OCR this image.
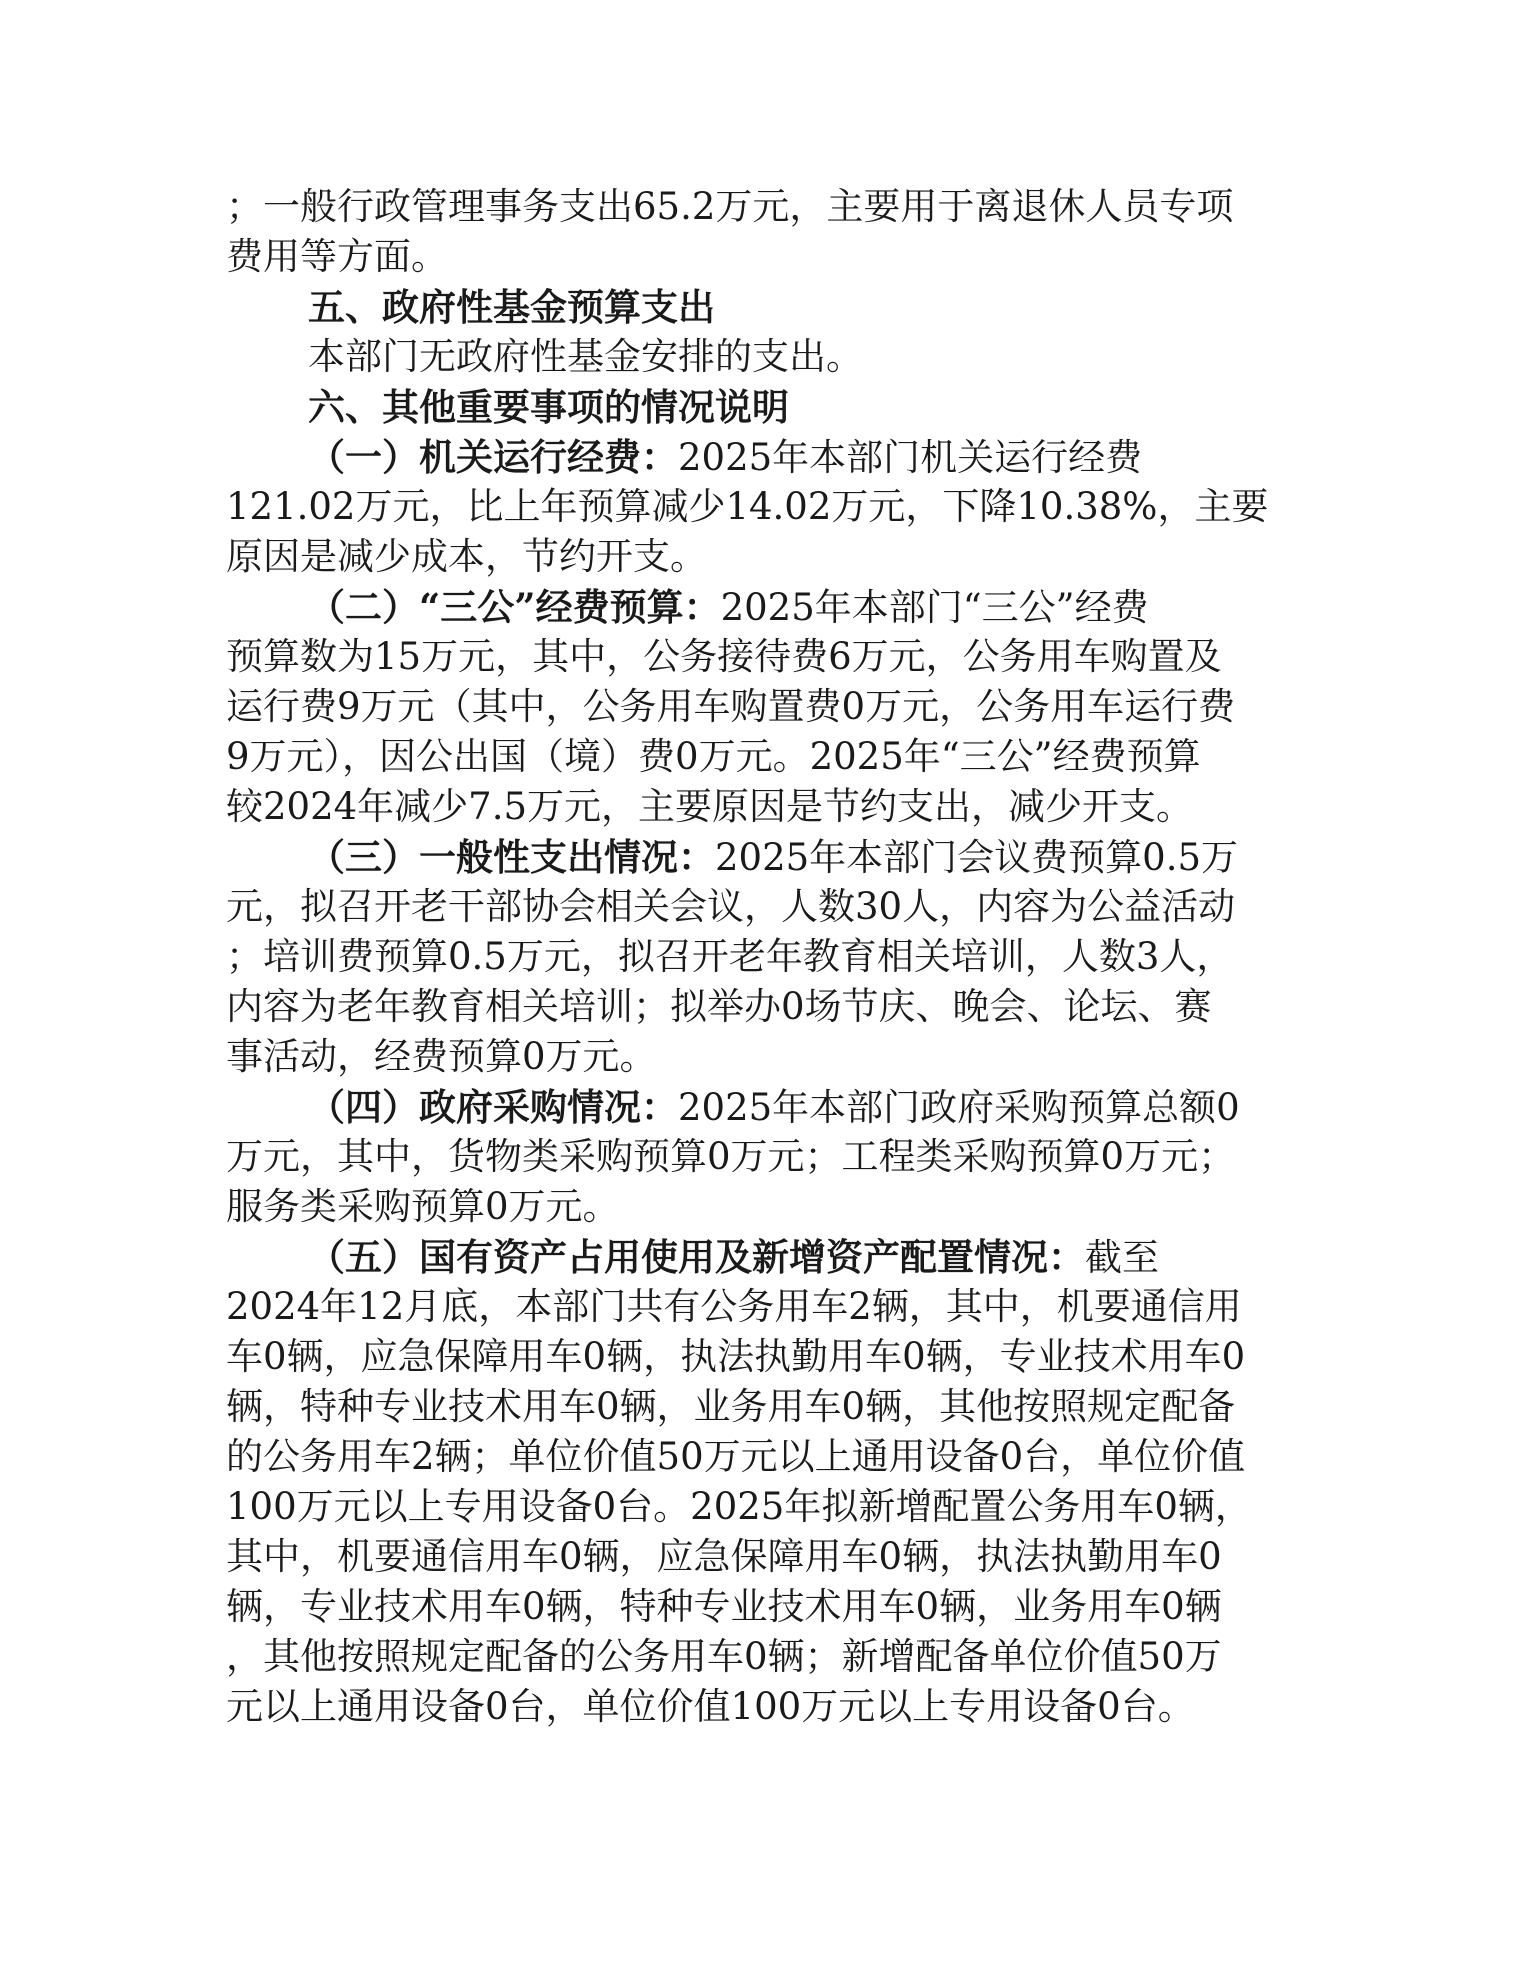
；一般行政管理事务支出65.2万元，主要用于离退休人员专项
费用等方面。
五、政府性基金预算支出
本部门无政府性基金安排的支出。
六、其他重要事项的情况说明
（一）机关运行经费：2025年本部门机关运行经费
121.02万元，比上年预算减少14.02万元，下降10.38%，主要
原因是减少成本，节约开支。
（二）“三公”经费预算：2025年本部门“三公”经费
预算数为15万元，其中，公务接待费6万元，公务用车购置及
运行费9万元（其中，公务用车购置费0万元，公务用车运行费
9万元），因公出国（境）费0万元。2025年“三公”经费预算
较2024年减少7.5万元，主要原因是节约支出，减少开支。
（三）一般性支出情况：2025年本部门会议费预算0.5万
元，拟召开老干部协会相关会议，人数30人，内容为公益活动
；培训费预算0.5万元，拟召开老年教育相关培训，人数3人，
内容为老年教育相关培训；拟举办0场节庆、晚会、论坛、赛
事活动，经费预算0万元。
（四）政府采购情况：2025年本部门政府采购预算总额0
万元，其中，货物类采购预算0万元；工程类采购预算0万元；
服务类采购预算0万元。
（五）国有资产占用使用及新增资产配置情况：截至
2024年12月底，本部门共有公务用车2辆，其中，机要通信用
车0辆，应急保障用车0辆，执法执勤用车0辆，专业技术用车0
辆，特种专业技术用车0辆，业务用车0辆，其他按照规定配备
的公务用车2辆；单位价值50万元以上通用设备0台，单位价值
100万元以上专用设备0台。2025年拟新增配置公务用车0辆，
其中，机要通信用车0辆，应急保障用车0辆，执法执勤用车0
辆，专业技术用车0辆，特种专业技术用车0辆，业务用车0辆
，其他按照规定配备的公务用车0辆；新增配备单位价值50万
元以上通用设备0台，单位价值100万元以上专用设备0台。
